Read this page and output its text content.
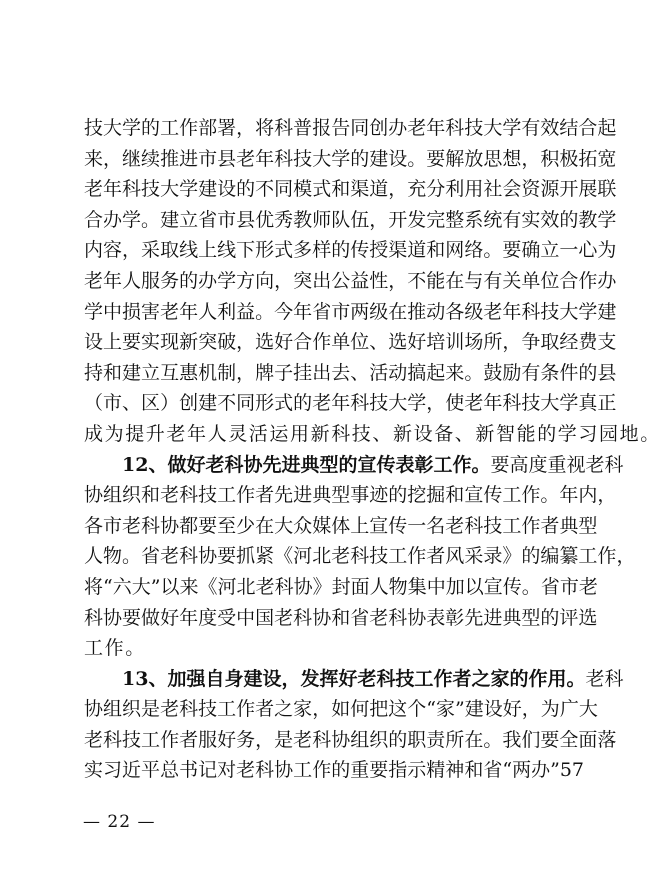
技 大 学 的 工 作 部 署 ， 将 科 普 报 告 同 创 办 老 年 科 技 大 学 有 效 结 合 起
来 ， 继 续 推 进 市 县 老 年 科 技 大 学 的 建 设 。 要 解 放 思 想 ， 积 极 拓 宽
老 年 科 技 大 学 建 设 的 不 同 模 式 和 渠 道 ， 充 分 利 用 社 会 资 源 开 展 联
合 办 学 。 建 立 省 市 县 优 秀 教 师 队 伍 ， 开 发 完 整 系 统 有 实 效 的 教 学
内 容 ， 采 取 线 上 线 下 形 式 多 样 的 传 授 渠 道 和 网 络 。 要 确 立 一 心 为
老 年 人 服 务 的 办 学 方 向 ， 突 出 公 益 性 ， 不 能 在 与 有 关 单 位 合 作 办
学 中 损 害 老 年 人 利 益 。 今 年 省 市 两 级 在 推 动 各 级 老 年 科 技 大 学 建
设 上 要 实 现 新 突 破 ， 选 好 合 作 单 位 、 选 好 培 训 场 所 ， 争 取 经 费 支
持 和 建 立 互 惠 机 制 ， 牌 子 挂 出 去 、 活 动 搞 起 来 。 鼓 励 有 条 件 的 县
（ 市 、 区 ） 创 建 不 同 形 式 的 老 年 科 技 大 学 ， 使 老 年 科 技 大 学 真 正
成为提升老年人灵活运用新科技、新设备、新智能的学习园地。
12、做好老科协先进典型的宣传表彰工作。 要高度重视老科
协 组 织 和 老 科 技 工 作 者 先 进 典 型 事 迹 的 挖 掘 和 宣 传 工 作 。 年 内 ，
各 市 老 科 协 都 要 至 少 在 大 众 媒 体 上 宣 传 一 名 老 科 技 工 作 者 典 型
人 物 。 省 老 科 协 要 抓 紧 《 河 北 老 科 技 工 作 者 风 采 录 》 的 编 纂 工 作 ，
将 “ 六 大 ” 以 来 《 河 北 老 科 协 》 封 面 人 物 集 中 加 以 宣 传 。 省 市 老
科 协 要 做 好 年 度 受 中 国 老 科 协 和 省 老 科 协 表 彰 先 进 典 型 的 评 选
工作。
13、加强自身建设，发挥好老科技工作者之家的作用。 老科
协 组 织 是 老 科 技 工 作 者 之 家 ， 如 何 把 这 个 “ 家 ” 建 设 好 ， 为 广 大
老 科 技 工 作 者 服 好 务 ， 是 老 科 协 组 织 的 职 责 所 在 。 我 们 要 全 面 落
实 习 近 平 总 书 记 对 老 科 协 工 作 的 重 要 指 示 精 神 和 省 “ 两 办 ” 5 7
— 22 —
